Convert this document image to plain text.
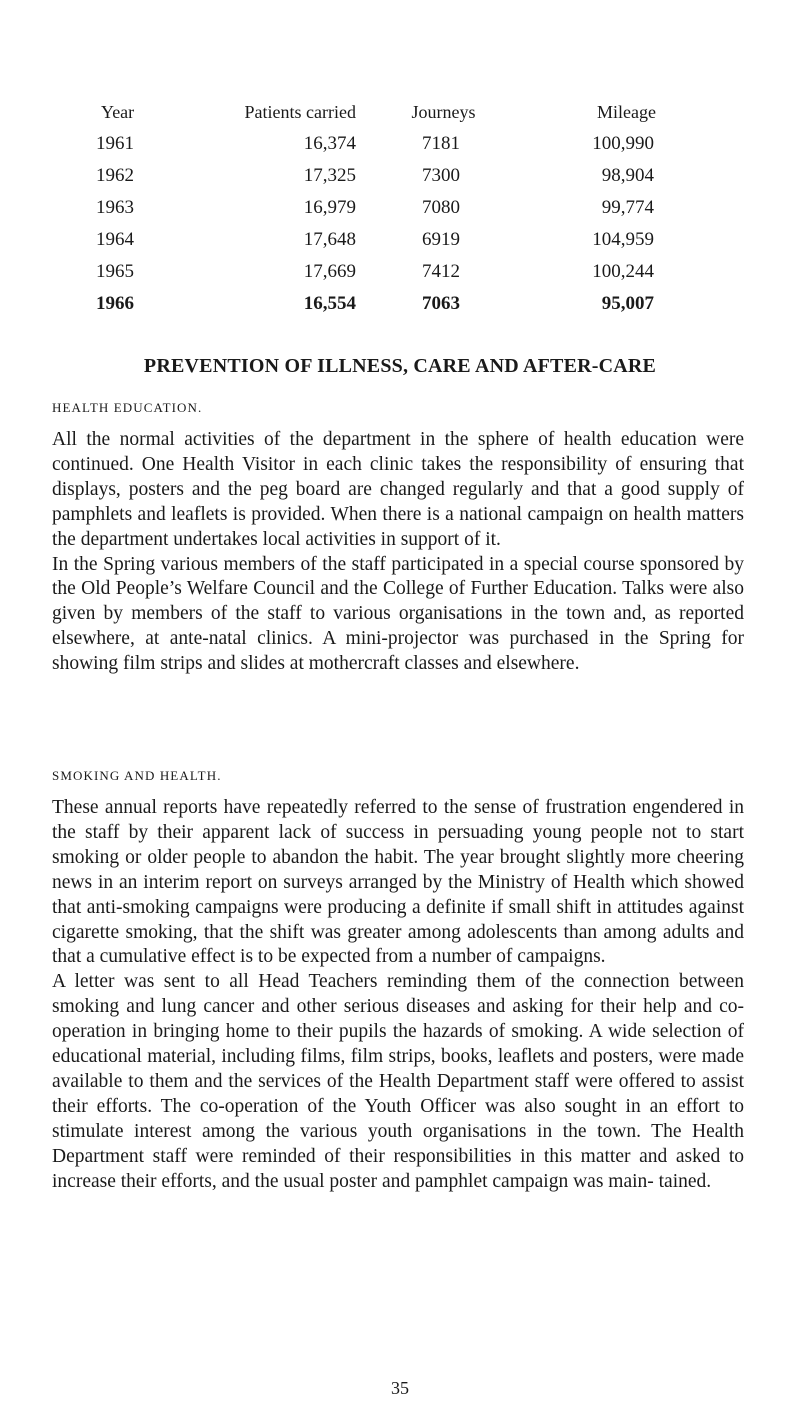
Year	Patients carried	Journeys	Mileage
1961	16,374	7181	100,990
1962	17,325	7300	98,904
1963	16,979	7080	99,774
1964	17,648	6919	104,959
1965	17,669	7412	100,244
1966	16,554	7063	95,007
PREVENTION OF ILLNESS, CARE AND AFTER-CARE
HEALTH EDUCATION.

All the normal activities of the department in the sphere of health education were continued. One Health Visitor in each clinic takes the responsibility of ensuring that displays, posters and the peg board are changed regularly and that a good supply of pamphlets and leaflets is provided. When there is a national campaign on health matters the department undertakes local activities in support of it.

In the Spring various members of the staff participated in a special course sponsored by the Old People’s Welfare Council and the College of Further Education. Talks were also given by members of the staff to various organisations in the town and, as reported elsewhere, at ante-natal clinics. A mini-projector was purchased in the Spring for showing film strips and slides at mothercraft classes and elsewhere.

SMOKING AND HEALTH.

These annual reports have repeatedly referred to the sense of frustration engendered in the staff by their apparent lack of success in persuading young people not to start smoking or older people to abandon the habit. The year brought slightly more cheering news in an interim report on surveys arranged by the Ministry of Health which showed that anti-smoking campaigns were producing a definite if small shift in attitudes against cigarette smoking, that the shift was greater among adolescents than among adults and that a cumulative effect is to be expected from a number of campaigns.

A letter was sent to all Head Teachers reminding them of the connection between smoking and lung cancer and other serious diseases and asking for their help and co-operation in bringing home to their pupils the hazards of smoking. A wide selection of educational material, including films, film strips, books, leaflets and posters, were made available to them and the services of the Health Department staff were offered to assist their efforts. The co-operation of the Youth Officer was also sought in an effort to stimulate interest among the various youth organisations in the town. The Health Department staff were reminded of their responsibilities in this matter and asked to increase their efforts, and the usual poster and pamphlet campaign was main- tained.

35
